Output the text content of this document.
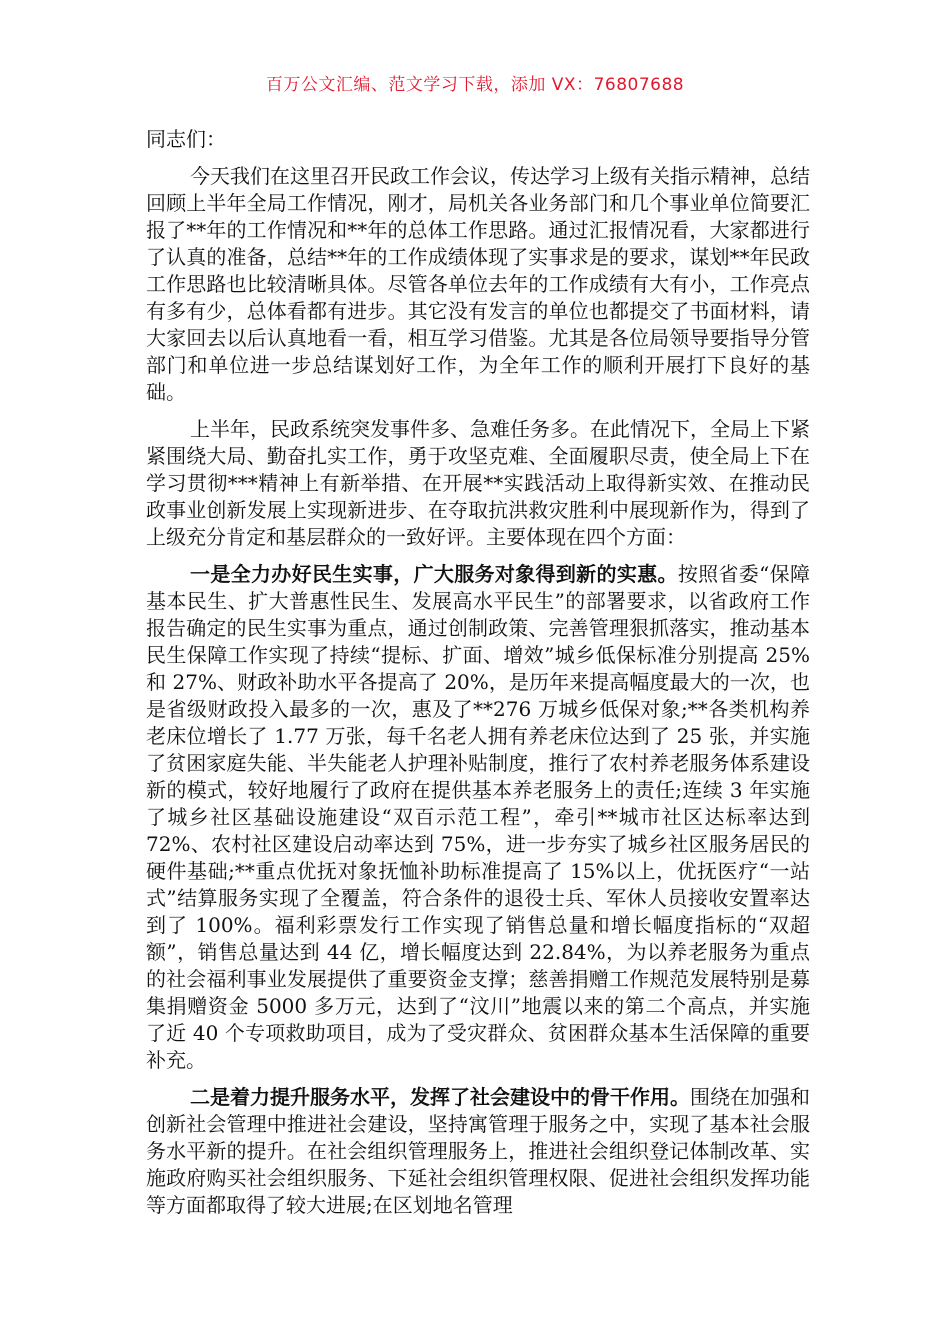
百万公文汇编、范文学习下载，添加 VX：76807688

同志们：

今天我们在这里召开民政工作会议，传达学习上级有关指示精神，总结回顾上半年全局工作情况，刚才，局机关各业务部门和几个事业单位简要汇报了**年的工作情况和**年的总体工作思路。通过汇报情况看，大家都进行了认真的准备，总结**年的工作成绩体现了实事求是的要求，谋划**年民政工作思路也比较清晰具体。尽管各单位去年的工作成绩有大有小，工作亮点有多有少，总体看都有进步。其它没有发言的单位也都提交了书面材料，请大家回去以后认真地看一看，相互学习借鉴。尤其是各位局领导要指导分管部门和单位进一步总结谋划好工作，为全年工作的顺利开展打下良好的基础。

上半年，民政系统突发事件多、急难任务多。在此情况下，全局上下紧紧围绕大局、勤奋扎实工作，勇于攻坚克难、全面履职尽责，使全局上下在学习贯彻***精神上有新举措、在开展**实践活动上取得新实效、在推动民政事业创新发展上实现新进步、在夺取抗洪救灾胜利中展现新作为，得到了上级充分肯定和基层群众的一致好评。主要体现在四个方面：

一是全力办好民生实事，广大服务对象得到新的实惠。按照省委“保障基本民生、扩大普惠性民生、发展高水平民生”的部署要求，以省政府工作报告确定的民生实事为重点，通过创制政策、完善管理狠抓落实，推动基本民生保障工作实现了持续“提标、扩面、增效”城乡低保标准分别提高 25%和 27%、财政补助水平各提高了 20%，是历年来提高幅度最大的一次，也是省级财政投入最多的一次，惠及了**276 万城乡低保对象;**各类机构养老床位增长了 1.77 万张，每千名老人拥有养老床位达到了 25 张，并实施了贫困家庭失能、半失能老人护理补贴制度，推行了农村养老服务体系建设新的模式，较好地履行了政府在提供基本养老服务上的责任;连续 3 年实施了城乡社区基础设施建设“双百示范工程”，牵引**城市社区达标率达到 72%、农村社区建设启动率达到 75%，进一步夯实了城乡社区服务居民的硬件基础;**重点优抚对象抚恤补助标准提高了 15%以上，优抚医疗“一站式”结算服务实现了全覆盖，符合条件的退役士兵、军休人员接收安置率达到了 100%。福利彩票发行工作实现了销售总量和增长幅度指标的“双超额”，销售总量达到 44 亿，增长幅度达到 22.84%，为以养老服务为重点的社会福利事业发展提供了重要资金支撑；慈善捐赠工作规范发展特别是募集捐赠资金 5000 多万元，达到了“汶川”地震以来的第二个高点，并实施了近 40 个专项救助项目，成为了受灾群众、贫困群众基本生活保障的重要补充。

二是着力提升服务水平，发挥了社会建设中的骨干作用。围绕在加强和创新社会管理中推进社会建设，坚持寓管理于服务之中，实现了基本社会服务水平新的提升。在社会组织管理服务上，推进社会组织登记体制改革、实施政府购买社会组织服务、下延社会组织管理权限、促进社会组织发挥功能等方面都取得了较大进展;在区划地名管理
